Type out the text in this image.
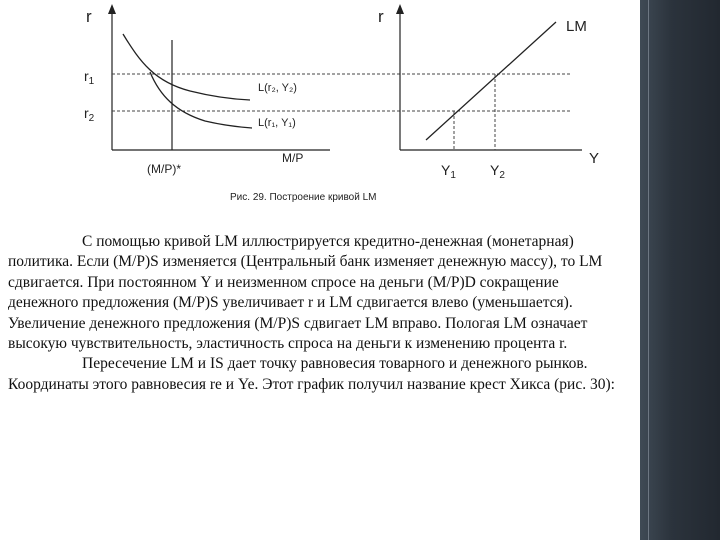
r
$r_1$
$r_2$
L(r₂, Y₂)
L(r₁, Y₁)
M/P
(M/P)*
r
LM
$Y_1$ $Y_2$
Y
Рис. 29. Построение кривой LM

С помощью кривой LM иллюстрируется кредитно-денежная (монетарная) политика. Если (M/P)S изменяется (Центральный банк изменяет денежную массу), то LM сдвигается. При постоянном Y и неизменном спросе на деньги (M/P)D сокращение денежного предложения (M/P)S увеличивает r и LM сдвигается влево (уменьшается). Увеличение денежного предложения (M/P)S сдвигает LM вправо. Пологая LM означает высокую чувствительность, эластичность спроса на деньги к изменению процента r.

Пересечение LM и IS дает точку равновесия товарного и денежного рынков. Координаты этого равновесия re и Ye. Этот график получил название крест Хикса (рис. 30):
